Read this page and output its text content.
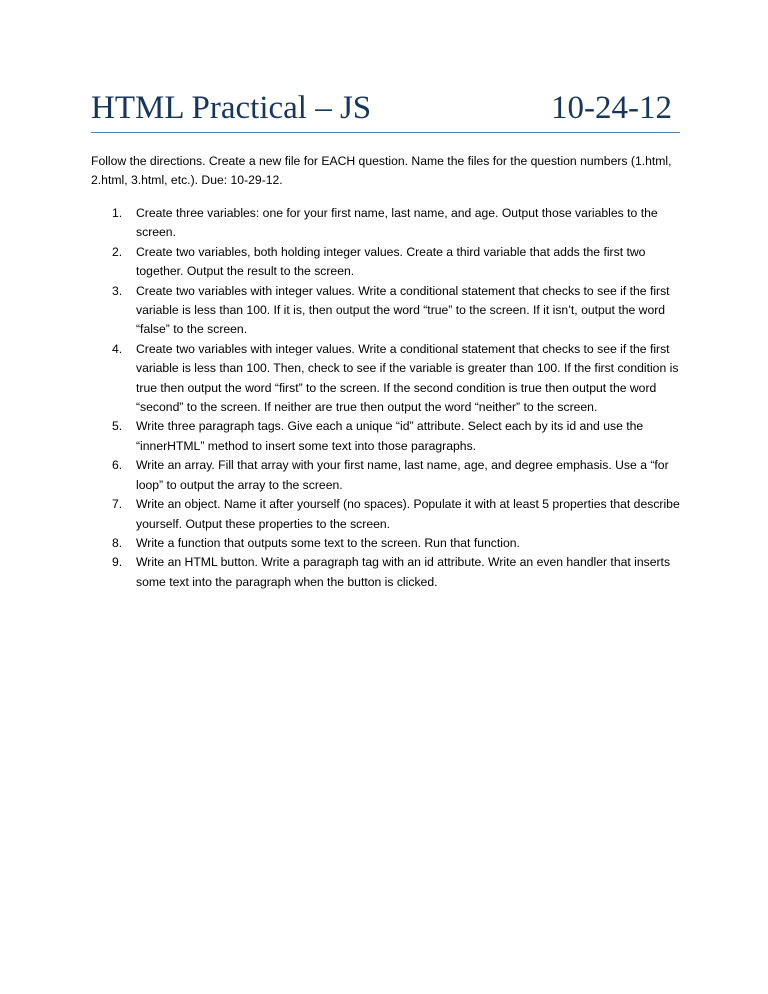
HTML Practical – JS	10-24-12

Follow the directions. Create a new file for EACH question. Name the files for the question numbers (1.html, 2.html, 3.html, etc.). Due: 10-29-12.

1. Create three variables: one for your first name, last name, and age. Output those variables to the screen.
2. Create two variables, both holding integer values. Create a third variable that adds the first two together. Output the result to the screen.
3. Create two variables with integer values. Write a conditional statement that checks to see if the first variable is less than 100. If it is, then output the word “true” to the screen. If it isn’t, output the word “false” to the screen.
4. Create two variables with integer values. Write a conditional statement that checks to see if the first variable is less than 100. Then, check to see if the variable is greater than 100. If the first condition is true then output the word “first” to the screen. If the second condition is true then output the word “second” to the screen. If neither are true then output the word “neither” to the screen.
5. Write three paragraph tags. Give each a unique “id” attribute. Select each by its id and use the “innerHTML” method to insert some text into those paragraphs.
6. Write an array. Fill that array with your first name, last name, age, and degree emphasis. Use a “for loop” to output the array to the screen.
7. Write an object. Name it after yourself (no spaces). Populate it with at least 5 properties that describe yourself. Output these properties to the screen.
8. Write a function that outputs some text to the screen. Run that function.
9. Write an HTML button. Write a paragraph tag with an id attribute. Write an even handler that inserts some text into the paragraph when the button is clicked.
